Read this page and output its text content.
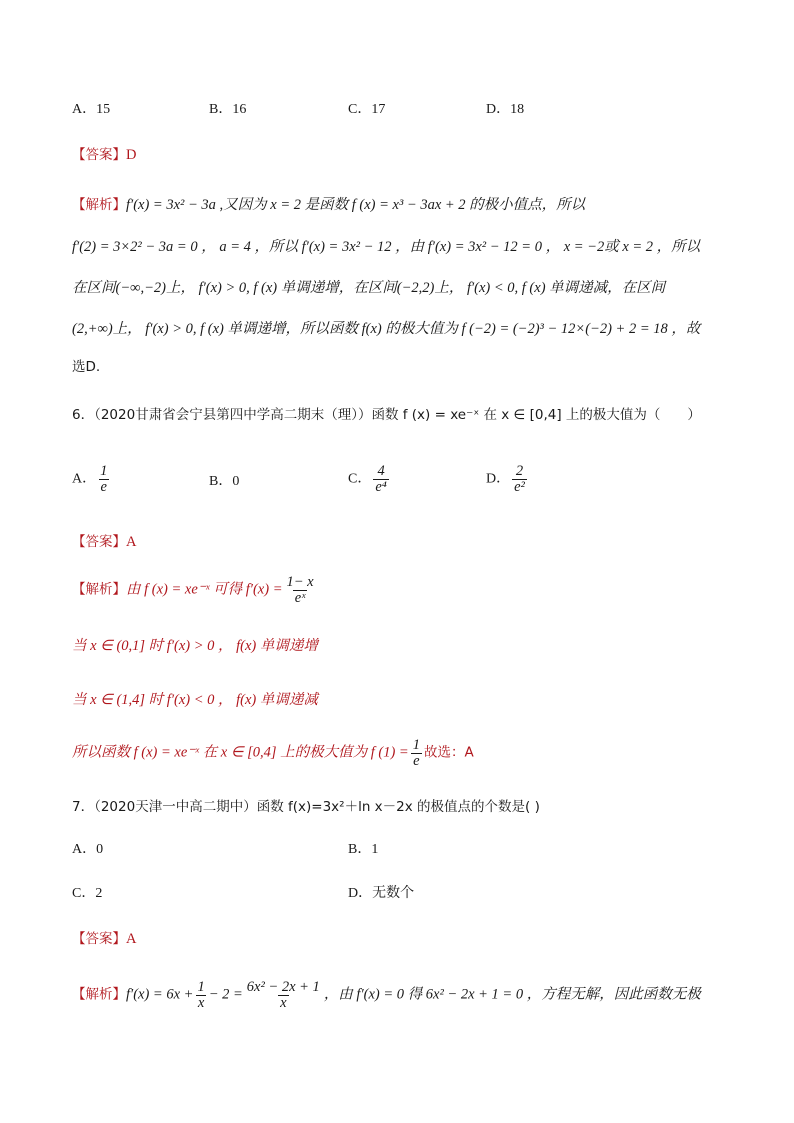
A．15	B．16	C．17	D．18
【答案】D
【解析】f′(x) = 3x² − 3a ,又因为 x = 2 是函数 f (x) = x³ − 3ax + 2 的极小值点，所以
f′(2) = 3×2² − 3a = 0 ， a = 4 ，所以 f′(x) = 3x² − 12 ，由 f′(x) = 3x² − 12 = 0 ， x = −2或 x = 2 ，所以
在区间(−∞,−2)上， f′(x) > 0, f (x) 单调递增，在区间(−2,2)上， f′(x) < 0, f (x) 单调递减，在区间
(2,+∞)上， f′(x) > 0, f (x) 单调递增，所以函数 f(x) 的极大值为 f (−2) = (−2)³ − 12×(−2) + 2 = 18 ，故
选D.
6．（2020甘肃省会宁县第四中学高二期末（理））函数 f (x) = xe⁻ˣ 在 x ∈ [0,4] 上的极大值为（　　）
A． $\frac{1}{e}$	B．0	C． $\frac{4}{\text{e⁴}}$	D． $\frac{2}{\text{e²}}$
【答案】A
【解析】由 f (x) = xe⁻ˣ 可得 $f'(x) = \frac{1- x}{\text{eˣ}}$
当 x ∈ (0,1] 时 f′(x) > 0 ， f(x) 单调递增
当 x ∈ (1,4] 时 f′(x) < 0 ， f(x) 单调递减
所以函数 f (x) = xe⁻ˣ 在 x ∈ [0,4] 上的极大值为 f $(1) = \frac{1}{e}$ 故选：A
7．（2020天津一中高二期中）函数 f(x)=3x²＋ln x－2x 的极值点的个数是( )
A．0	B．1
C．2	D．无数个
【答案】A
【解析】$f'(x) = 6x + \frac{1}{x} - 2 = \frac{\text{6x² − 2x + 1}}{x}$ ，由 f′(x) = 0 得 6x² − 2x + 1 = 0 ，方程无解，因此函数无极
